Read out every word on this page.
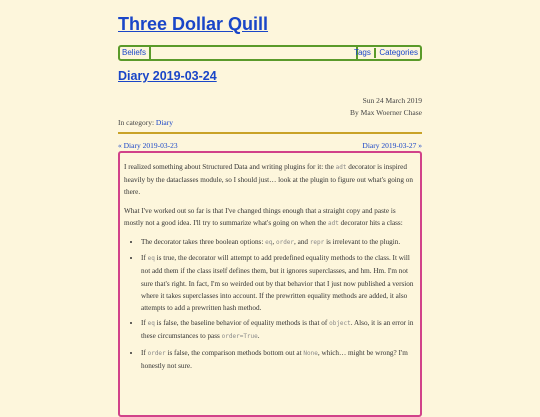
Three Dollar Quill
Beliefs	Tags Categories
Diary 2019-03-24
Sun 24 March 2019
By Max Woerner Chase
In category: Diary
« Diary 2019-03-23	Diary 2019-03-27 »

I realized something about Structured Data and writing plugins for it: the adt decorator is inspired heavily by the dataclasses module, so I should just… look at the plugin to figure out what's going on there.

What I've worked out so far is that I've changed things enough that a straight copy and paste is mostly not a good idea. I'll try to summarize what's going on when the adt decorator hits a class:

• The decorator takes three boolean options: eq, order, and repr is irrelevant to the plugin.
• If eq is true, the decorator will attempt to add predefined equality methods to the class. It will not add them if the class itself defines them, but it ignores superclasses, and hm. Hm. I'm not sure that's right. In fact, I'm so weirded out by that behavior that I just now published a version where it takes superclasses into account. If the prewritten equality methods are added, it also attempts to add a prewritten hash method.
• If eq is false, the baseline behavior of equality methods is that of object. Also, it is an error in these circumstances to pass order=True.
• If order is false, the comparison methods bottom out at None, which… might be wrong? I'm honestly not sure.
